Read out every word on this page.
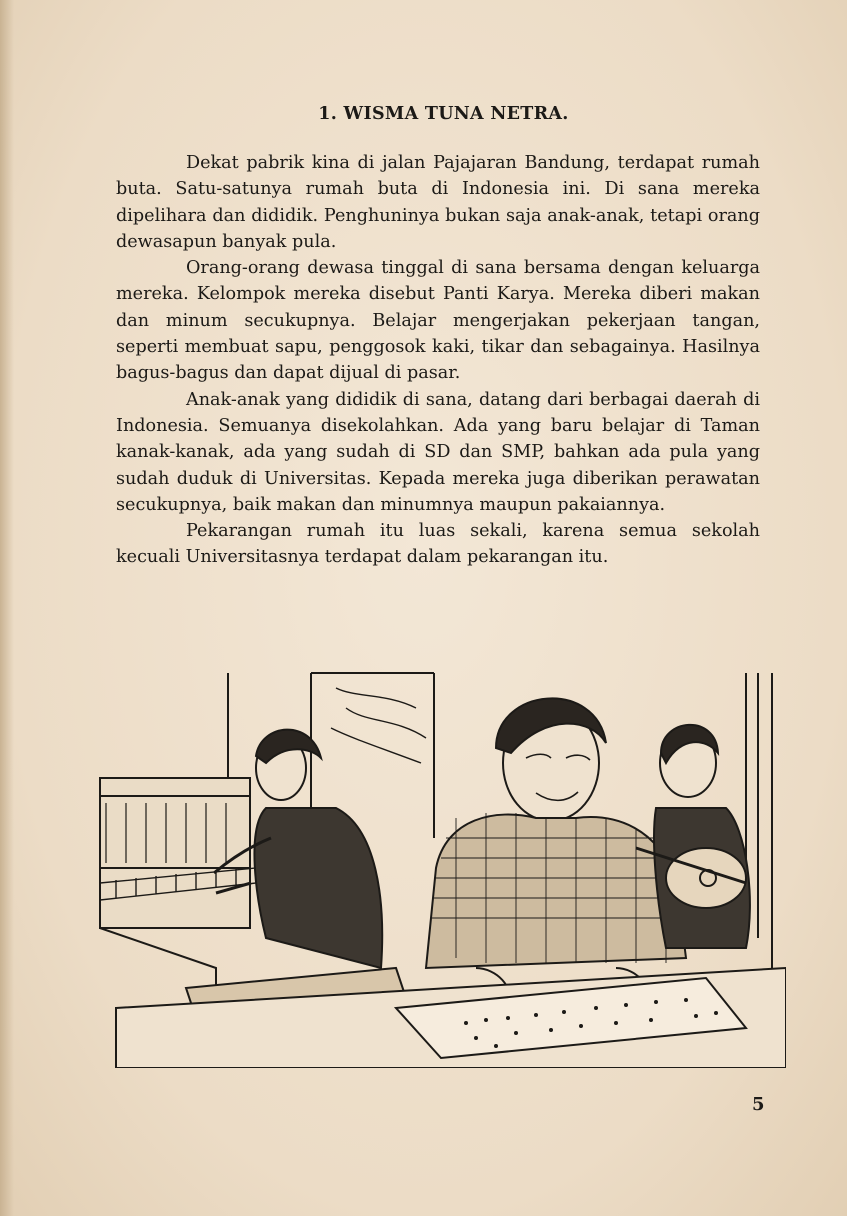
1. WISMA TUNA NETRA.

Dekat pabrik kina di jalan Pajajaran Bandung, terdapat rumah buta. Satu-satunya rumah buta di Indonesia ini. Di sana mereka dipelihara dan dididik. Penghuninya bukan saja anak-anak, tetapi orang dewasapun banyak pula.

Orang-orang dewasa tinggal di sana bersama dengan keluarga mereka. Kelompok mereka disebut Panti Karya. Mereka diberi makan dan minum secukupnya. Belajar mengerjakan pekerjaan tangan, seperti membuat sapu, penggosok kaki, tikar dan sebagainya. Hasilnya bagus-bagus dan dapat dijual di pasar.

Anak-anak yang dididik di sana, datang dari berbagai daerah di Indonesia. Semuanya disekolahkan. Ada yang baru belajar di Taman kanak-kanak, ada yang sudah di SD dan SMP, bahkan ada pula yang sudah duduk di Universitas. Kepada mereka juga diberikan perawatan secukupnya, baik makan dan minumnya maupun pakaiannya.

Pekarangan rumah itu luas sekali, karena semua sekolah kecuali Universitasnya terdapat dalam pekarangan itu.

5
